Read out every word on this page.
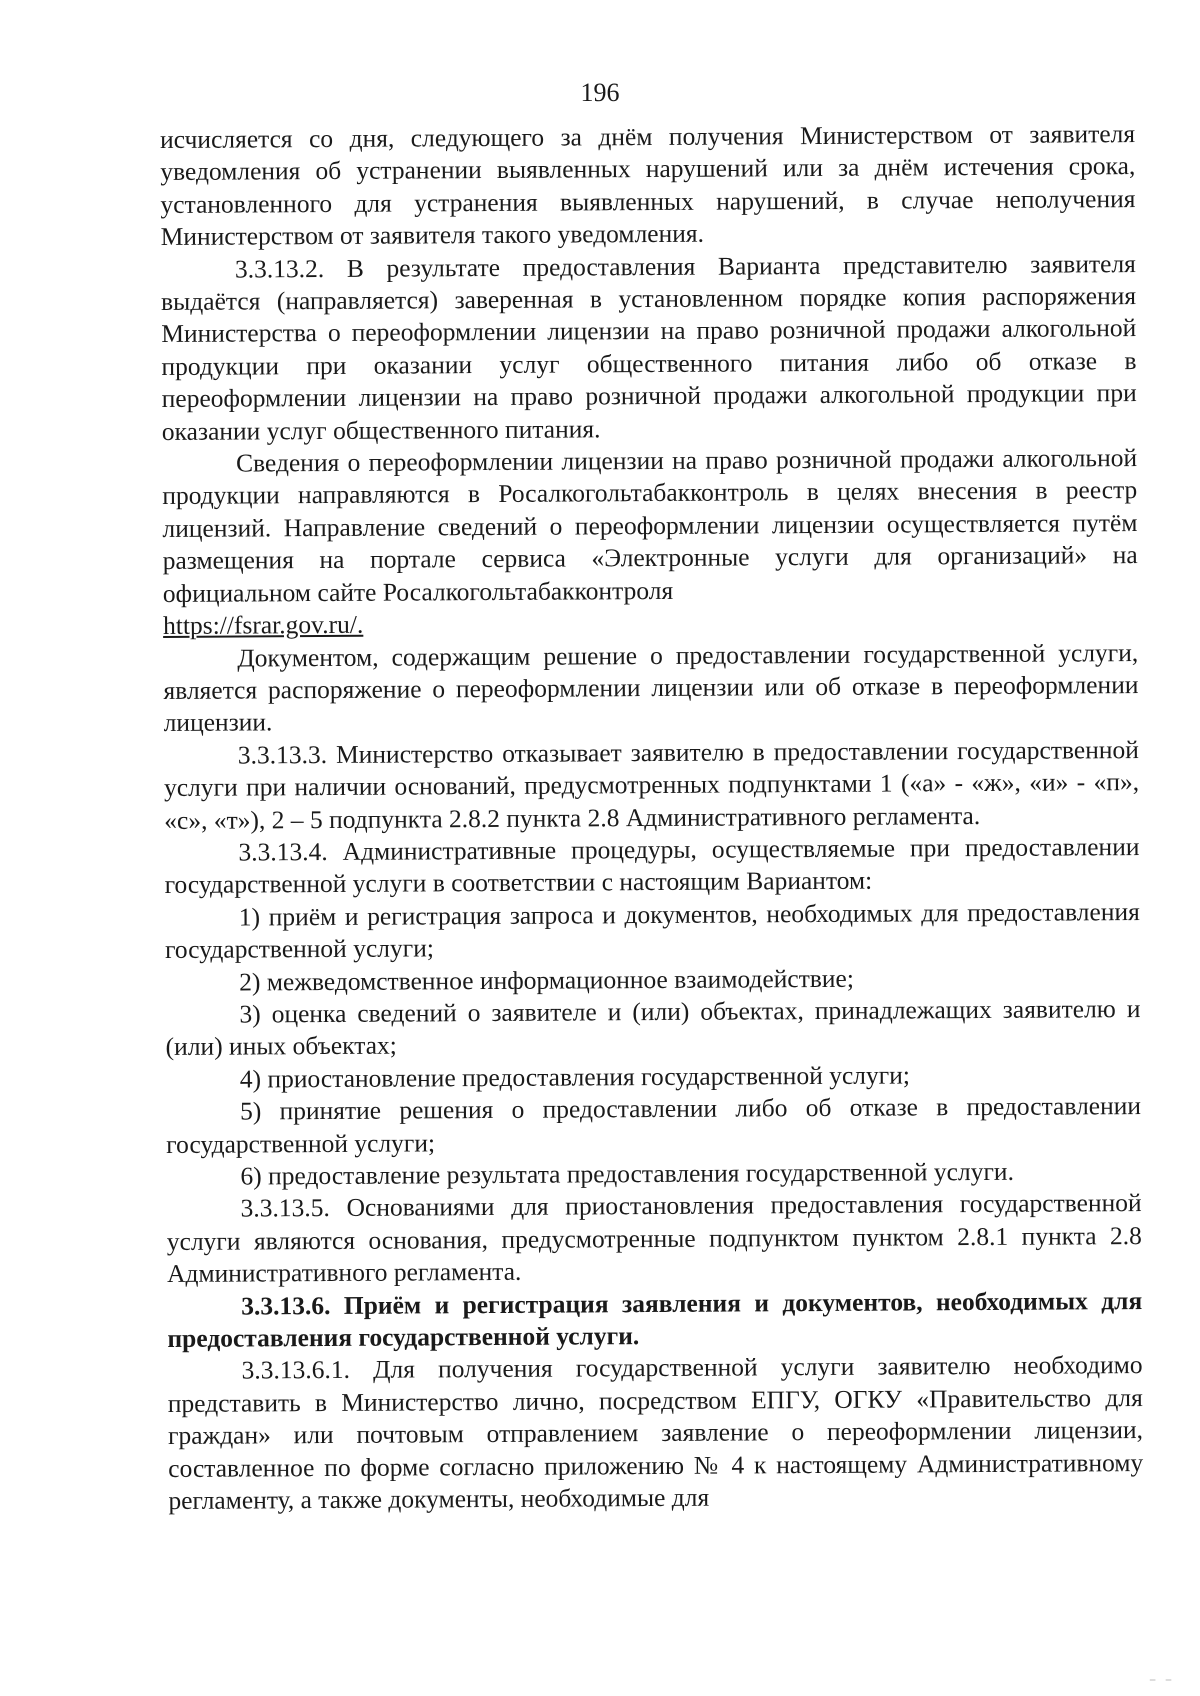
196

исчисляется со дня, следующего за днём получения Министерством от заявителя уведомления об устранении выявленных нарушений или за днём истечения срока, установленного для устранения выявленных нарушений, в случае неполучения Министерством от заявителя такого уведомления.

3.3.13.2. В результате предоставления Варианта представителю заявителя выдаётся (направляется) заверенная в установленном порядке копия распоряжения Министерства о переоформлении лицензии на право розничной продажи алкогольной продукции при оказании услуг общественного питания либо об отказе в переоформлении лицензии на право розничной продажи алкогольной продукции при оказании услуг общественного питания.

Сведения о переоформлении лицензии на право розничной продажи алкогольной продукции направляются в Росалкогольтабакконтроль в целях внесения в реестр лицензий. Направление сведений о переоформлении лицензии осуществляется путём размещения на портале сервиса «Электронные услуги для организаций» на официальном сайте Росалкогольтабакконтроля

https://fsrar.gov.ru/.

Документом, содержащим решение о предоставлении государственной услуги, является распоряжение о переоформлении лицензии или об отказе в переоформлении лицензии.

3.3.13.3. Министерство отказывает заявителю в предоставлении государственной услуги при наличии оснований, предусмотренных подпунктами 1 («а» - «ж», «и» - «п», «с», «т»), 2 – 5 подпункта 2.8.2 пункта 2.8 Административного регламента.

3.3.13.4. Административные процедуры, осуществляемые при предоставлении государственной услуги в соответствии с настоящим Вариантом:

1) приём и регистрация запроса и документов, необходимых для предоставления государственной услуги;

2) межведомственное информационное взаимодействие;

3) оценка сведений о заявителе и (или) объектах, принадлежащих заявителю и (или) иных объектах;

4) приостановление предоставления государственной услуги;

5) принятие решения о предоставлении либо об отказе в предоставлении государственной услуги;

6) предоставление результата предоставления государственной услуги.

3.3.13.5. Основаниями для приостановления предоставления государственной услуги являются основания, предусмотренные подпунктом пунктом 2.8.1 пункта 2.8 Административного регламента.

3.3.13.6. Приём и регистрация заявления и документов, необходимых для предоставления государственной услуги.

3.3.13.6.1. Для получения государственной услуги заявителю необходимо представить в Министерство лично, посредством ЕПГУ, ОГКУ «Правительство для граждан» или почтовым отправлением заявление о переоформлении лицензии, составленное по форме согласно приложению № 4 к настоящему Административному регламенту, а также документы, необходимые для

–  –
